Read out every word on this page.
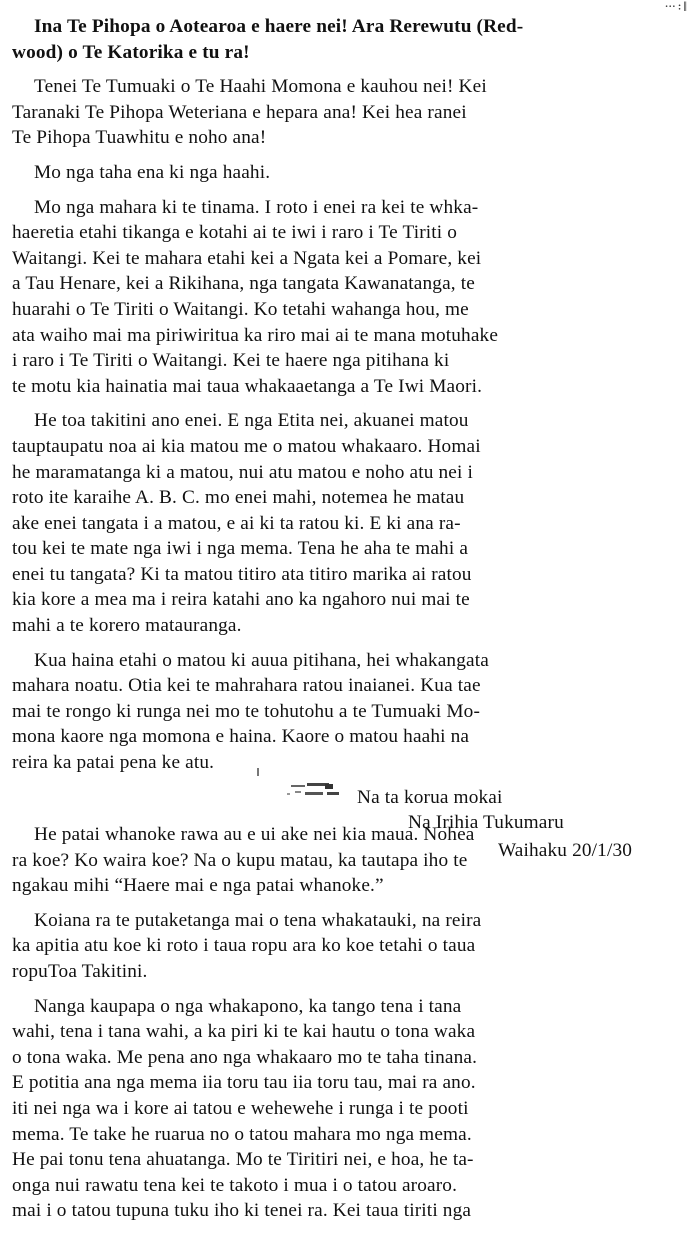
··· ꞉ ǁ

Ina Te Pihopa o Aotearoa e haere nei! Ara Rerewutu (Red-
wood) o Te Katorika e tu ra!

Tenei Te Tumuaki o Te Haahi Momona e kauhou nei! Kei
Taranaki Te Pihopa Weteriana e hepara ana! Kei hea ranei
Te Pihopa Tuawhitu e noho ana!

Mo nga taha ena ki nga haahi.

Mo nga mahara ki te tinama. I roto i enei ra kei te whka-
haeretia etahi tikanga e kotahi ai te iwi i raro i Te Tiriti o
Waitangi. Kei te mahara etahi kei a Ngata kei a Pomare, kei
a Tau Henare, kei a Rikihana, nga tangata Kawanatanga, te
huarahi o Te Tiriti o Waitangi. Ko tetahi wahanga hou, me
ata waiho mai ma piriwiritua ka riro mai ai te mana motuhake
i raro i Te Tiriti o Waitangi. Kei te haere nga pitihana ki
te motu kia hainatia mai taua whakaaetanga a Te Iwi Maori.

He toa takitini ano enei. E nga Etita nei, akuanei matou
tauptaupatu noa ai kia matou me o matou whakaaro. Homai
he maramatanga ki a matou, nui atu matou e noho atu nei i
roto ite karaihe A. B. C. mo enei mahi, notemea he matau
ake enei tangata i a matou, e ai ki ta ratou ki. E ki ana ra-
tou kei te mate nga iwi i nga mema. Tena he aha te mahi a
enei tu tangata? Ki ta matou titiro ata titiro marika ai ratou
kia kore a mea ma i reira katahi ano ka ngahoro nui mai te
mahi a te korero matauranga.

Kua haina etahi o matou ki auua pitihana, hei whakangata
mahara noatu. Otia kei te mahrahara ratou inaianei. Kua tae
mai te rongo ki runga nei mo te tohutohu a te Tumuaki Mo-
mona kaore nga momona e haina. Kaore o matou haahi na
reira ka patai pena ke atu.

Na ta korua mokai

Na Irihia Tukumaru

Waihaku 20/1/30

He patai whanoke rawa au e ui ake nei kia maua. Nohea
ra koe? Ko waira koe? Na o kupu matau, ka tautapa iho te
ngakau mihi “Haere mai e nga patai whanoke.”

Koiana ra te putaketanga mai o tena whakatauki, na reira
ka apitia atu koe ki roto i taua ropu ara ko koe tetahi o taua
ropuToa Takitini.

Nanga kaupapa o nga whakapono, ka tango tena i tana
wahi, tena i tana wahi, a ka piri ki te kai hautu o tona waka
o tona waka. Me pena ano nga whakaaro mo te taha tinana.
E potitia ana nga mema iia toru tau iia toru tau, mai ra ano.
iti nei nga wa i kore ai tatou e wehewehe i runga i te pooti
mema. Te take he ruarua no o tatou mahara mo nga mema.
He pai tonu tena ahuatanga. Mo te Tiritiri nei, e hoa, he ta-
onga nui rawatu tena kei te takoto i mua i o tatou aroaro.
mai i o tatou tupuna tuku iho ki tenei ra. Kei taua tiriti nga
